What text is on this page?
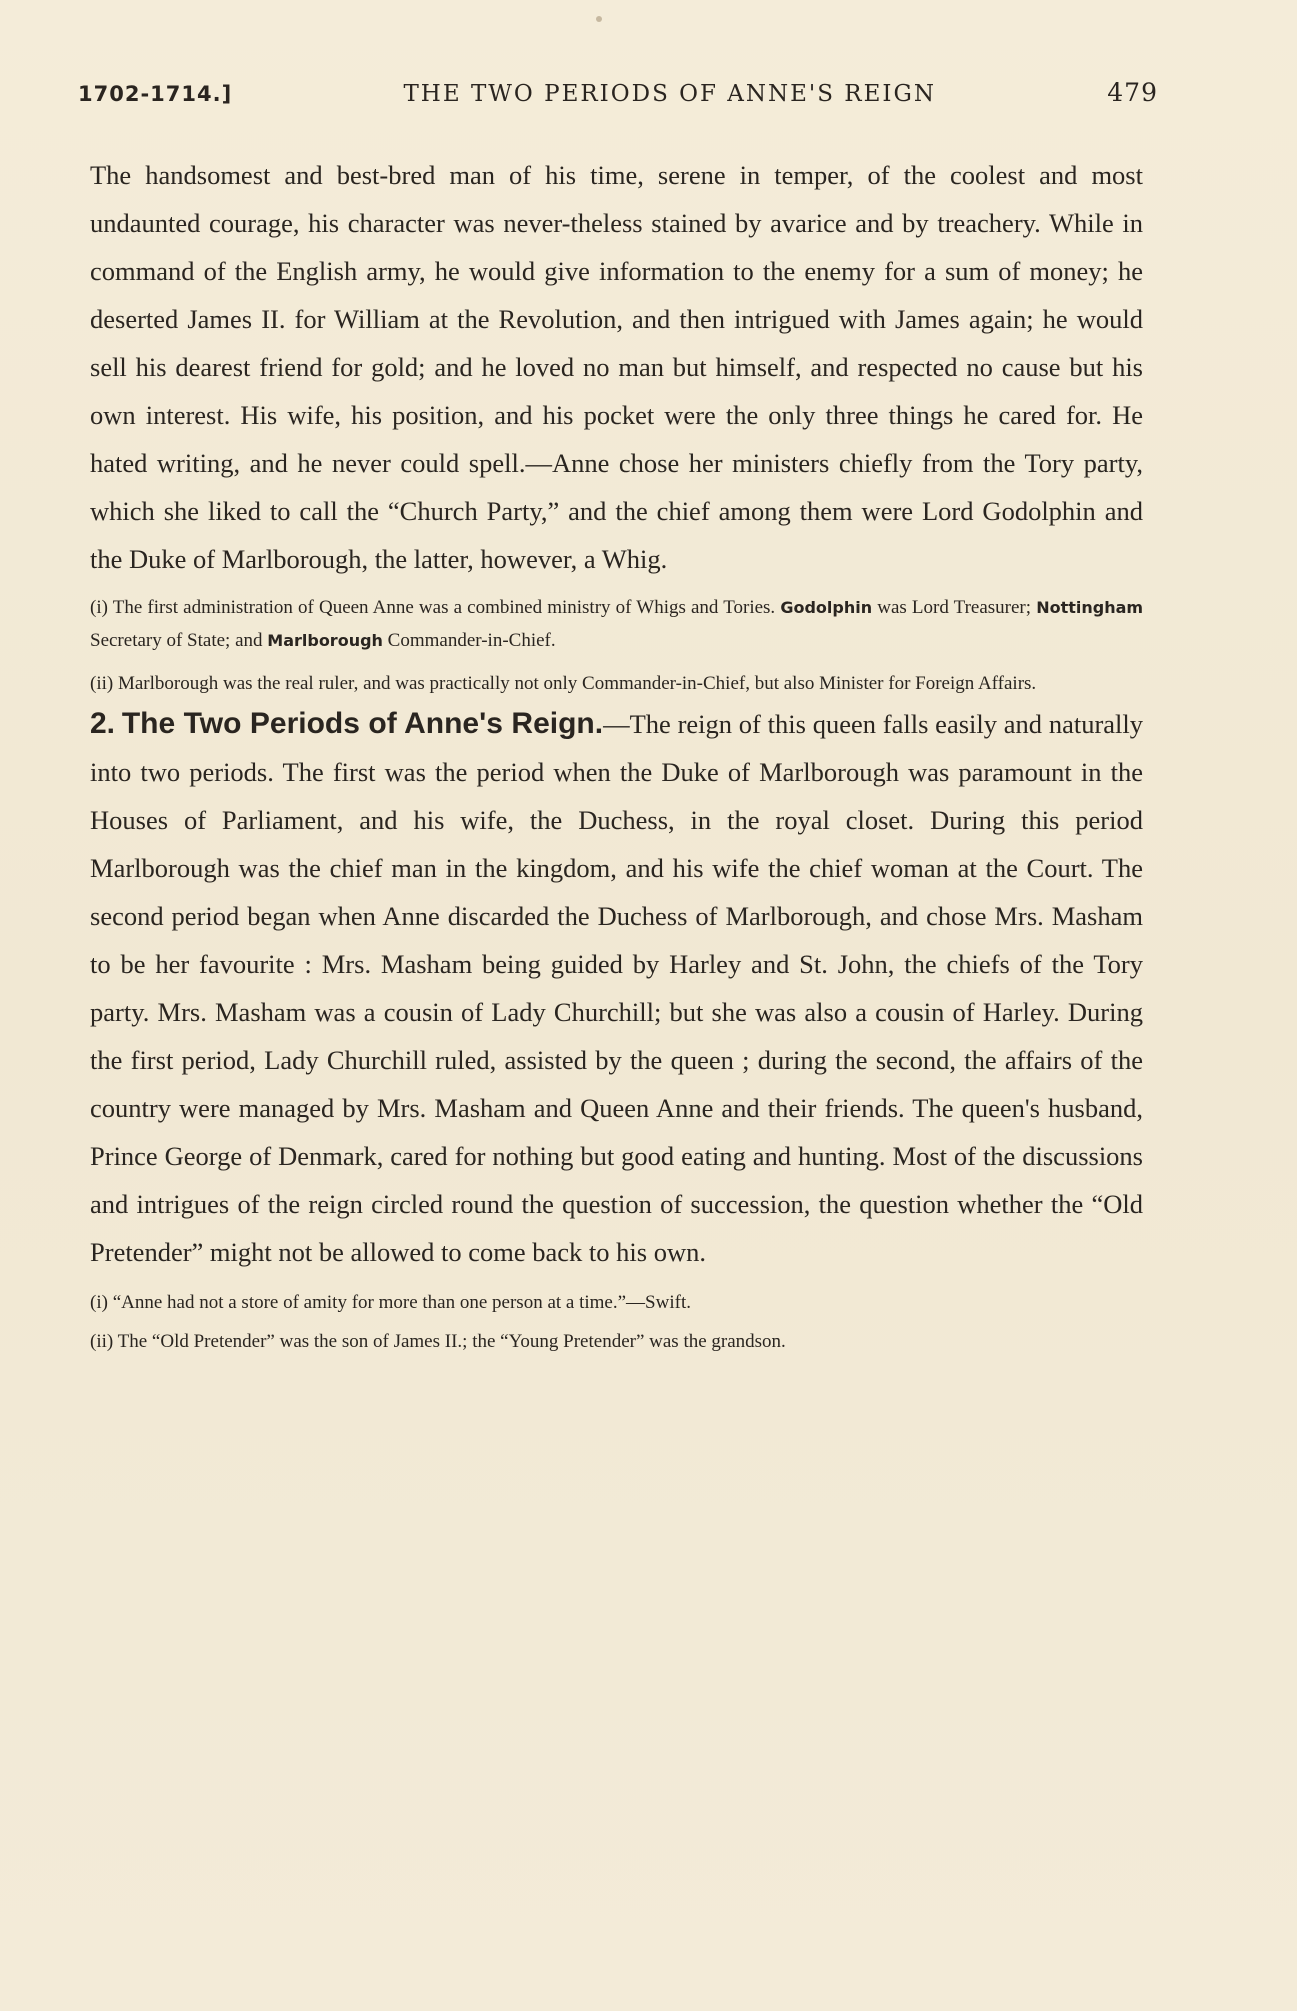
1702-1714.]	THE TWO PERIODS OF ANNE'S REIGN	479

The handsomest and best-bred man of his time, serene in temper, of the coolest and most undaunted courage, his character was never-theless stained by avarice and by treachery. While in command of the English army, he would give information to the enemy for a sum of money; he deserted James II. for William at the Revolution, and then intrigued with James again; he would sell his dearest friend for gold; and he loved no man but himself, and respected no cause but his own interest. His wife, his position, and his pocket were the only three things he cared for. He hated writing, and he never could spell.—Anne chose her ministers chiefly from the Tory party, which she liked to call the “Church Party,” and the chief among them were Lord Godolphin and the Duke of Marlborough, the latter, however, a Whig.

(i) The first administration of Queen Anne was a combined ministry of Whigs and Tories. Godolphin was Lord Treasurer; Nottingham Secretary of State; and Marlborough Commander-in-Chief.

(ii) Marlborough was the real ruler, and was practically not only Commander-in-Chief, but also Minister for Foreign Affairs.

2. The Two Periods of Anne's Reign.—The reign of this queen falls easily and naturally into two periods. The first was the period when the Duke of Marlborough was paramount in the Houses of Parliament, and his wife, the Duchess, in the royal closet. During this period Marlborough was the chief man in the kingdom, and his wife the chief woman at the Court. The second period began when Anne discarded the Duchess of Marlborough, and chose Mrs. Masham to be her favourite : Mrs. Masham being guided by Harley and St. John, the chiefs of the Tory party. Mrs. Masham was a cousin of Lady Churchill; but she was also a cousin of Harley. During the first period, Lady Churchill ruled, assisted by the queen ; during the second, the affairs of the country were managed by Mrs. Masham and Queen Anne and their friends. The queen's husband, Prince George of Denmark, cared for nothing but good eating and hunting. Most of the discussions and intrigues of the reign circled round the question of succession, the question whether the “Old Pretender” might not be allowed to come back to his own.

(i) “Anne had not a store of amity for more than one person at a time.”—Swift.

(ii) The “Old Pretender” was the son of James II.; the “Young Pretender” was the grandson.
